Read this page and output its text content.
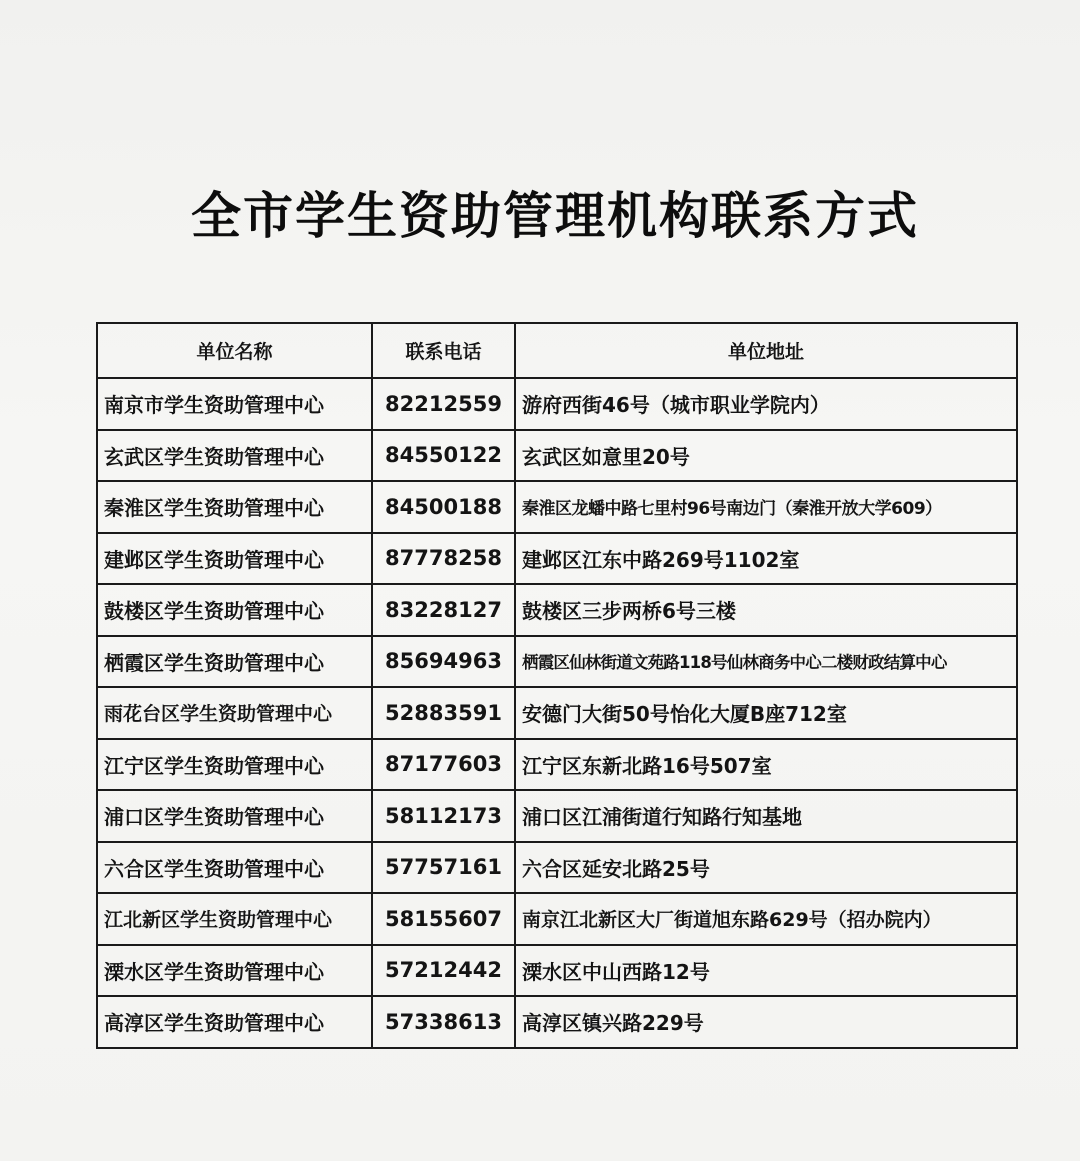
全市学生资助管理机构联系方式
单位名称	联系电话	单位地址
南京市学生资助管理中心	82212559	游府西街46号（城市职业学院内）
玄武区学生资助管理中心	84550122	玄武区如意里20号
秦淮区学生资助管理中心	84500188	秦淮区龙蟠中路七里村96号南边门（秦淮开放大学609）
建邺区学生资助管理中心	87778258	建邺区江东中路269号1102室
鼓楼区学生资助管理中心	83228127	鼓楼区三步两桥6号三楼
栖霞区学生资助管理中心	85694963	栖霞区仙林街道文苑路118号仙林商务中心二楼财政结算中心
雨花台区学生资助管理中心	52883591	安德门大街50号怡化大厦B座712室
江宁区学生资助管理中心	87177603	江宁区东新北路16号507室
浦口区学生资助管理中心	58112173	浦口区江浦街道行知路行知基地
六合区学生资助管理中心	57757161	六合区延安北路25号
江北新区学生资助管理中心	58155607	南京江北新区大厂街道旭东路629号（招办院内）
溧水区学生资助管理中心	57212442	溧水区中山西路12号
高淳区学生资助管理中心	57338613	高淳区镇兴路229号
